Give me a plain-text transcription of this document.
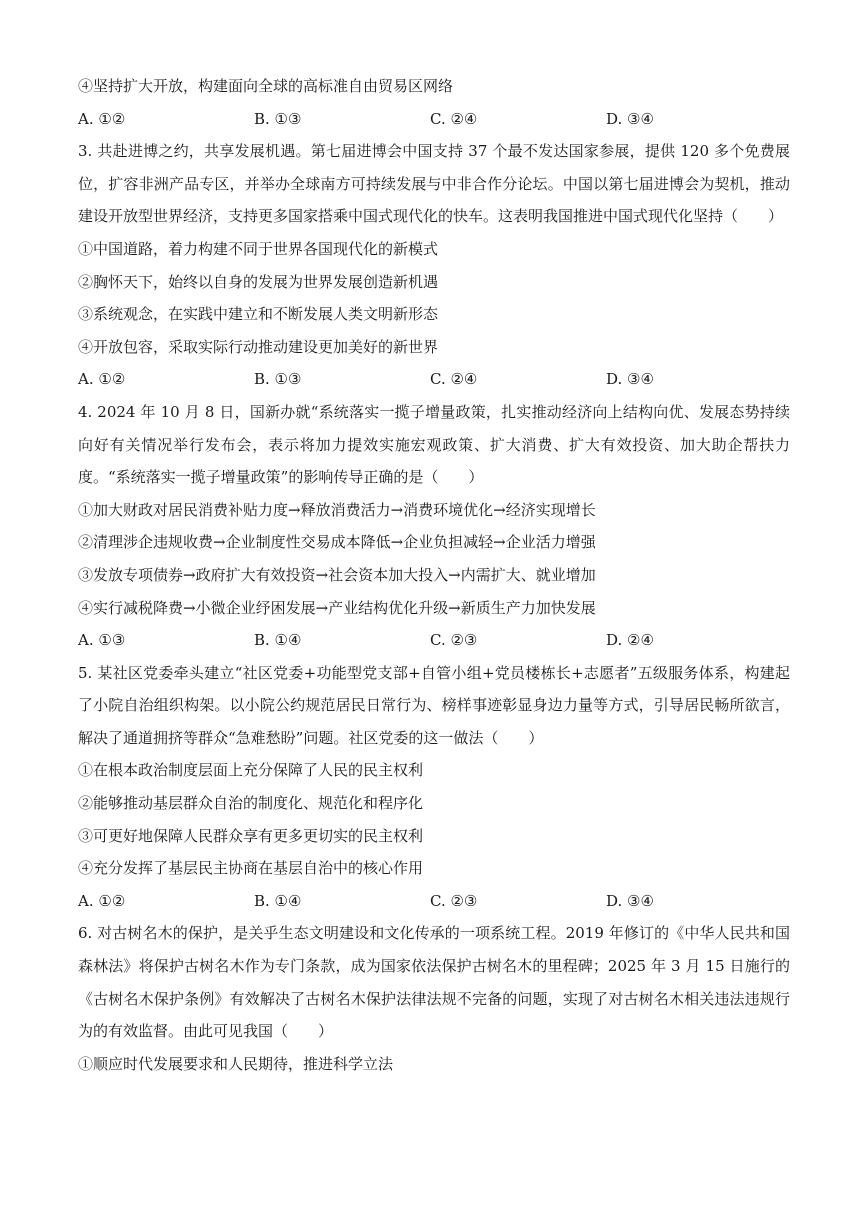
④坚持扩大开放，构建面向全球的高标准自由贸易区网络
A. ①②	B. ①③	C. ②④	D. ③④
3. 共赴进博之约，共享发展机遇。第七届进博会中国支持 37 个最不发达国家参展，提供 120 多个免费展位，扩容非洲产品专区，并举办全球南方可持续发展与中非合作分论坛。中国以第七届进博会为契机，推动建设开放型世界经济，支持更多国家搭乘中国式现代化的快车。这表明我国推进中国式现代化坚持（　　）
①中国道路，着力构建不同于世界各国现代化的新模式
②胸怀天下，始终以自身的发展为世界发展创造新机遇
③系统观念，在实践中建立和不断发展人类文明新形态
④开放包容，采取实际行动推动建设更加美好的新世界
A. ①②	B. ①③	C. ②④	D. ③④
4. 2024 年 10 月 8 日，国新办就“系统落实一揽子增量政策，扎实推动经济向上结构向优、发展态势持续向好有关情况举行发布会，表示将加力提效实施宏观政策、扩大消费、扩大有效投资、加大助企帮扶力度。“系统落实一揽子增量政策”的影响传导正确的是（　　）
①加大财政对居民消费补贴力度→释放消费活力→消费环境优化→经济实现增长
②清理涉企违规收费→企业制度性交易成本降低→企业负担减轻→企业活力增强
③发放专项债券→政府扩大有效投资→社会资本加大投入→内需扩大、就业增加
④实行减税降费→小微企业纾困发展→产业结构优化升级→新质生产力加快发展
A. ①③	B. ①④	C. ②③	D. ②④
5. 某社区党委牵头建立“社区党委+功能型党支部+自管小组+党员楼栋长+志愿者”五级服务体系，构建起了小院自治组织构架。以小院公约规范居民日常行为、榜样事迹彰显身边力量等方式，引导居民畅所欲言，解决了通道拥挤等群众“急难愁盼”问题。社区党委的这一做法（　　）
①在根本政治制度层面上充分保障了人民的民主权利
②能够推动基层群众自治的制度化、规范化和程序化
③可更好地保障人民群众享有更多更切实的民主权利
④充分发挥了基层民主协商在基层自治中的核心作用
A. ①②	B. ①④	C. ②③	D. ③④
6. 对古树名木的保护，是关乎生态文明建设和文化传承的一项系统工程。2019 年修订的《中华人民共和国森林法》将保护古树名木作为专门条款，成为国家依法保护古树名木的里程碑；2025 年 3 月 15 日施行的《古树名木保护条例》有效解决了古树名木保护法律法规不完备的问题，实现了对古树名木相关违法违规行为的有效监督。由此可见我国（　　）
①顺应时代发展要求和人民期待，推进科学立法
